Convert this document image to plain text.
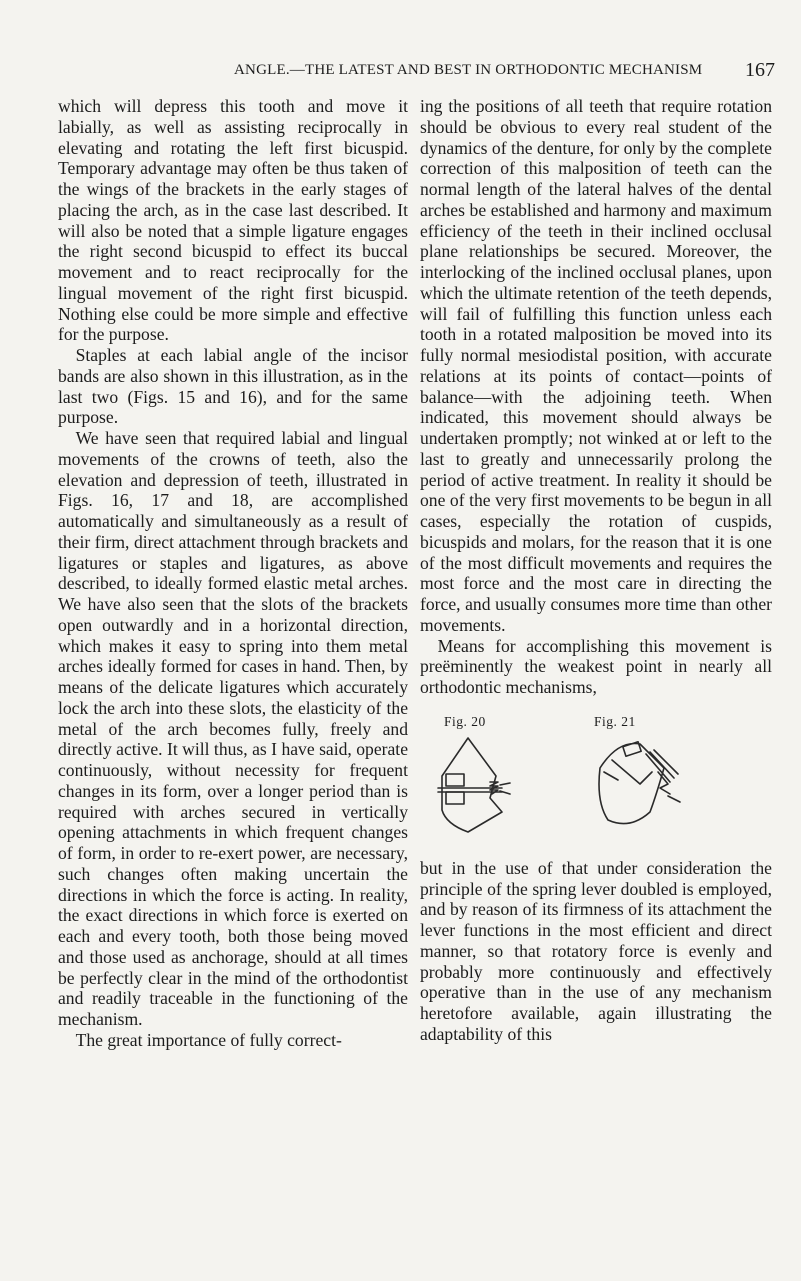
ANGLE.—THE LATEST AND BEST IN ORTHODONTIC MECHANISM 167

which will depress this tooth and move it labially, as well as assisting reciprocally in elevating and rotating the left first bicuspid. Temporary advantage may often be thus taken of the wings of the brackets in the early stages of placing the arch, as in the case last described. It will also be noted that a simple ligature engages the right second bicuspid to effect its buccal movement and to react reciprocally for the lingual movement of the right first bicuspid. Nothing else could be more simple and effective for the purpose.

Staples at each labial angle of the incisor bands are also shown in this illustration, as in the last two (Figs. 15 and 16), and for the same purpose.

We have seen that required labial and lingual movements of the crowns of teeth, also the elevation and depression of teeth, illustrated in Figs. 16, 17 and 18, are accomplished automatically and simultaneously as a result of their firm, direct attachment through brackets and ligatures or staples and ligatures, as above described, to ideally formed elastic metal arches. We have also seen that the slots of the brackets open outwardly and in a horizontal direction, which makes it easy to spring into them metal arches ideally formed for cases in hand. Then, by means of the delicate ligatures which accurately lock the arch into these slots, the elasticity of the metal of the arch becomes fully, freely and directly active. It will thus, as I have said, operate continuously, without necessity for frequent changes in its form, over a longer period than is required with arches secured in vertically opening attachments in which frequent changes of form, in order to re-exert power, are necessary, such changes often making uncertain the directions in which the force is acting. In reality, the exact directions in which force is exerted on each and every tooth, both those being moved and those used as anchorage, should at all times be perfectly clear in the mind of the orthodontist and readily traceable in the functioning of the mechanism.

The great importance of fully correct-

ing the positions of all teeth that require rotation should be obvious to every real student of the dynamics of the denture, for only by the complete correction of this malposition of teeth can the normal length of the lateral halves of the dental arches be established and harmony and maximum efficiency of the teeth in their inclined occlusal plane relationships be secured. Moreover, the interlocking of the inclined occlusal planes, upon which the ultimate retention of the teeth depends, will fail of fulfilling this function unless each tooth in a rotated malposition be moved into its fully normal mesiodistal position, with accurate relations at its points of contact—points of balance—with the adjoining teeth. When indicated, this movement should always be undertaken promptly; not winked at or left to the last to greatly and unnecessarily prolong the period of active treatment. In reality it should be one of the very first movements to be begun in all cases, especially the rotation of cuspids, bicuspids and molars, for the reason that it is one of the most difficult movements and requires the most force and the most care in directing the force, and usually consumes more time than other movements.

Means for accomplishing this movement is preëminently the weakest point in nearly all orthodontic mechanisms,

Fig. 20	Fig. 21

but in the use of that under consideration the principle of the spring lever doubled is employed, and by reason of its firmness of its attachment the lever functions in the most efficient and direct manner, so that rotatory force is evenly and probably more continuously and effectively operative than in the use of any mechanism heretofore available, again illustrating the adaptability of this
